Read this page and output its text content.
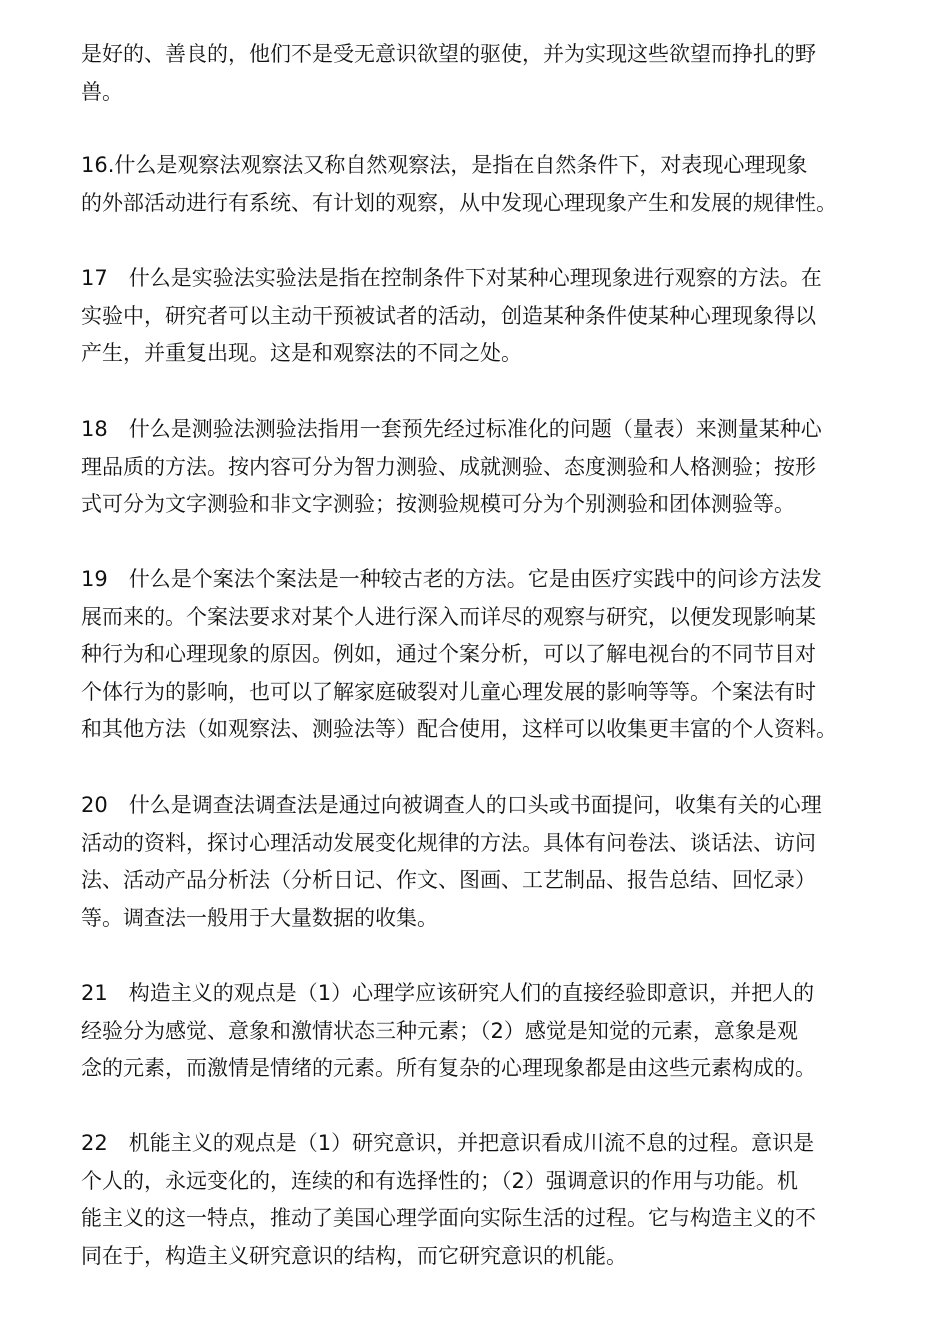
是好的、善良的，他们不是受无意识欲望的驱使，并为实现这些欲望而挣扎的野
兽。
16.什么是观察法观察法又称自然观察法，是指在自然条件下，对表现心理现象
的外部活动进行有系统、有计划的观察，从中发现心理现象产生和发展的规律性。
17　什么是实验法实验法是指在控制条件下对某种心理现象进行观察的方法。在
实验中，研究者可以主动干预被试者的活动，创造某种条件使某种心理现象得以
产生，并重复出现。这是和观察法的不同之处。
18　什么是测验法测验法指用一套预先经过标准化的问题（量表）来测量某种心
理品质的方法。按内容可分为智力测验、成就测验、态度测验和人格测验；按形
式可分为文字测验和非文字测验；按测验规模可分为个别测验和团体测验等。
19　什么是个案法个案法是一种较古老的方法。它是由医疗实践中的问诊方法发
展而来的。个案法要求对某个人进行深入而详尽的观察与研究，以便发现影响某
种行为和心理现象的原因。例如，通过个案分析，可以了解电视台的不同节目对
个体行为的影响，也可以了解家庭破裂对儿童心理发展的影响等等。个案法有时
和其他方法（如观察法、测验法等）配合使用，这样可以收集更丰富的个人资料。
20　什么是调查法调查法是通过向被调查人的口头或书面提问，收集有关的心理
活动的资料，探讨心理活动发展变化规律的方法。具体有问卷法、谈话法、访问
法、活动产品分析法（分析日记、作文、图画、工艺制品、报告总结、回忆录）
等。调查法一般用于大量数据的收集。
21　构造主义的观点是（1）心理学应该研究人们的直接经验即意识，并把人的
经验分为感觉、意象和激情状态三种元素；（2）感觉是知觉的元素，意象是观
念的元素，而激情是情绪的元素。所有复杂的心理现象都是由这些元素构成的。
22　机能主义的观点是（1）研究意识，并把意识看成川流不息的过程。意识是
个人的，永远变化的，连续的和有选择性的；（2）强调意识的作用与功能。机
能主义的这一特点，推动了美国心理学面向实际生活的过程。它与构造主义的不
同在于，构造主义研究意识的结构，而它研究意识的机能。
